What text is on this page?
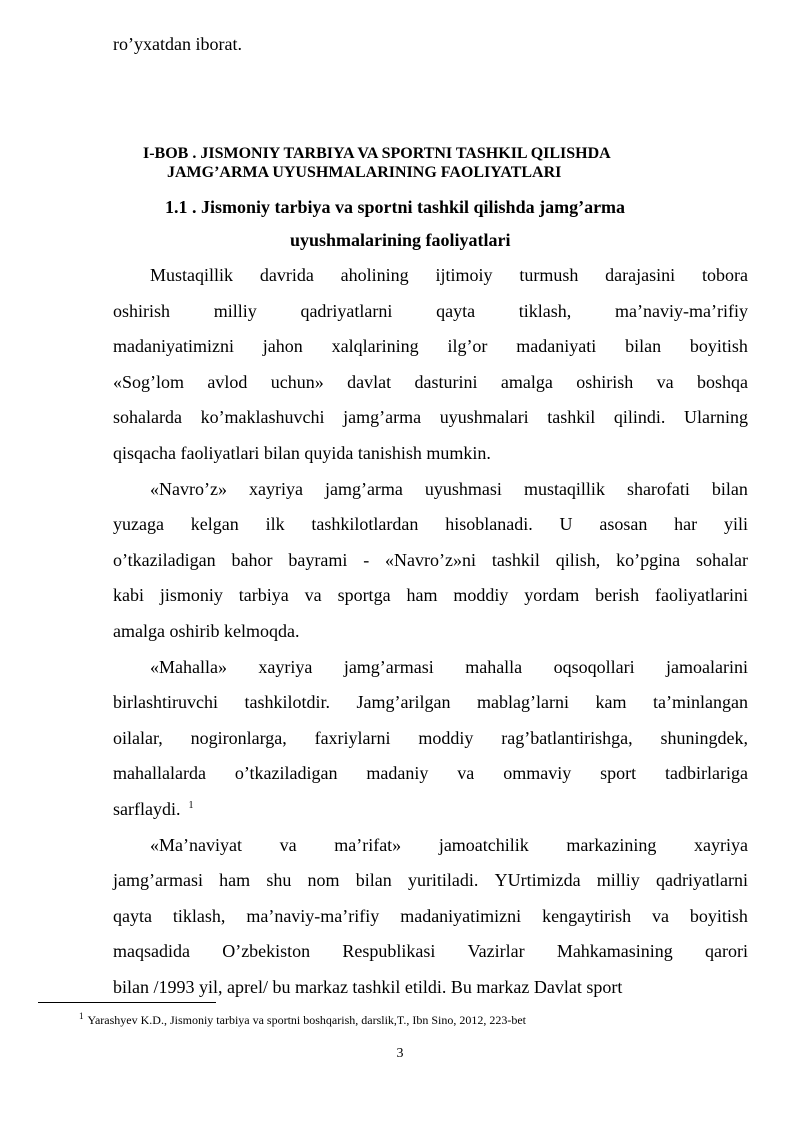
ro’yxatdan iborat.
I-BOB . JISMONIY TARBIYA VA SPORTNI TASHKIL QILISHDA
JAMG’ARMA UYUSHMALARINING FAOLIYATLARI
1.1 . Jismoniy tarbiya va sportni tashkil qilishda jamg’arma
uyushmalarining faoliyatlari
Mustaqillik davrida aholining ijtimoiy turmush darajasini tobora
oshirish milliy qadriyatlarni qayta tiklash, ma’naviy-ma’rifiy
madaniyatimizni jahon xalqlarining ilg’or madaniyati bilan boyitish
«Sog’lom avlod uchun» davlat dasturini amalga oshirish va boshqa
sohalarda ko’maklashuvchi jamg’arma uyushmalari tashkil qilindi. Ularning
qisqacha faoliyatlari bilan quyida tanishish mumkin.
«Navro’z» xayriya jamg’arma uyushmasi mustaqillik sharofati bilan
yuzaga kelgan ilk tashkilotlardan hisoblanadi. U asosan har yili
o’tkaziladigan bahor bayrami - «Navro’z»ni tashkil qilish, ko’pgina sohalar
kabi jismoniy tarbiya va sportga ham moddiy yordam berish faoliyatlarini
amalga oshirib kelmoqda.
«Mahalla» xayriya jamg’armasi mahalla oqsoqollari jamoalarini
birlashtiruvchi tashkilotdir. Jamg’arilgan mablag’larni kam ta’minlangan
oilalar, nogironlarga, faxriylarni moddiy rag’batlantirishga, shuningdek,
mahallalarda o’tkaziladigan madaniy va ommaviy sport tadbirlariga
sarflaydi. $^1$
«Ma’naviyat va ma’rifat» jamoatchilik markazining xayriya
jamg’armasi ham shu nom bilan yuritiladi. YUrtimizda milliy qadriyatlarni
qayta tiklash, ma’naviy-ma’rifiy madaniyatimizni kengaytirish va boyitish
maqsadida O’zbekiston Respublikasi Vazirlar Mahkamasining qarori
bilan /1993 yil, aprel/ bu markaz tashkil etildi. Bu markaz Davlat sport
$^1$ Yarashyev K.D., Jismoniy tarbiya va sportni boshqarish, darslik,T., Ibn Sino, 2012, 223-bet
3
